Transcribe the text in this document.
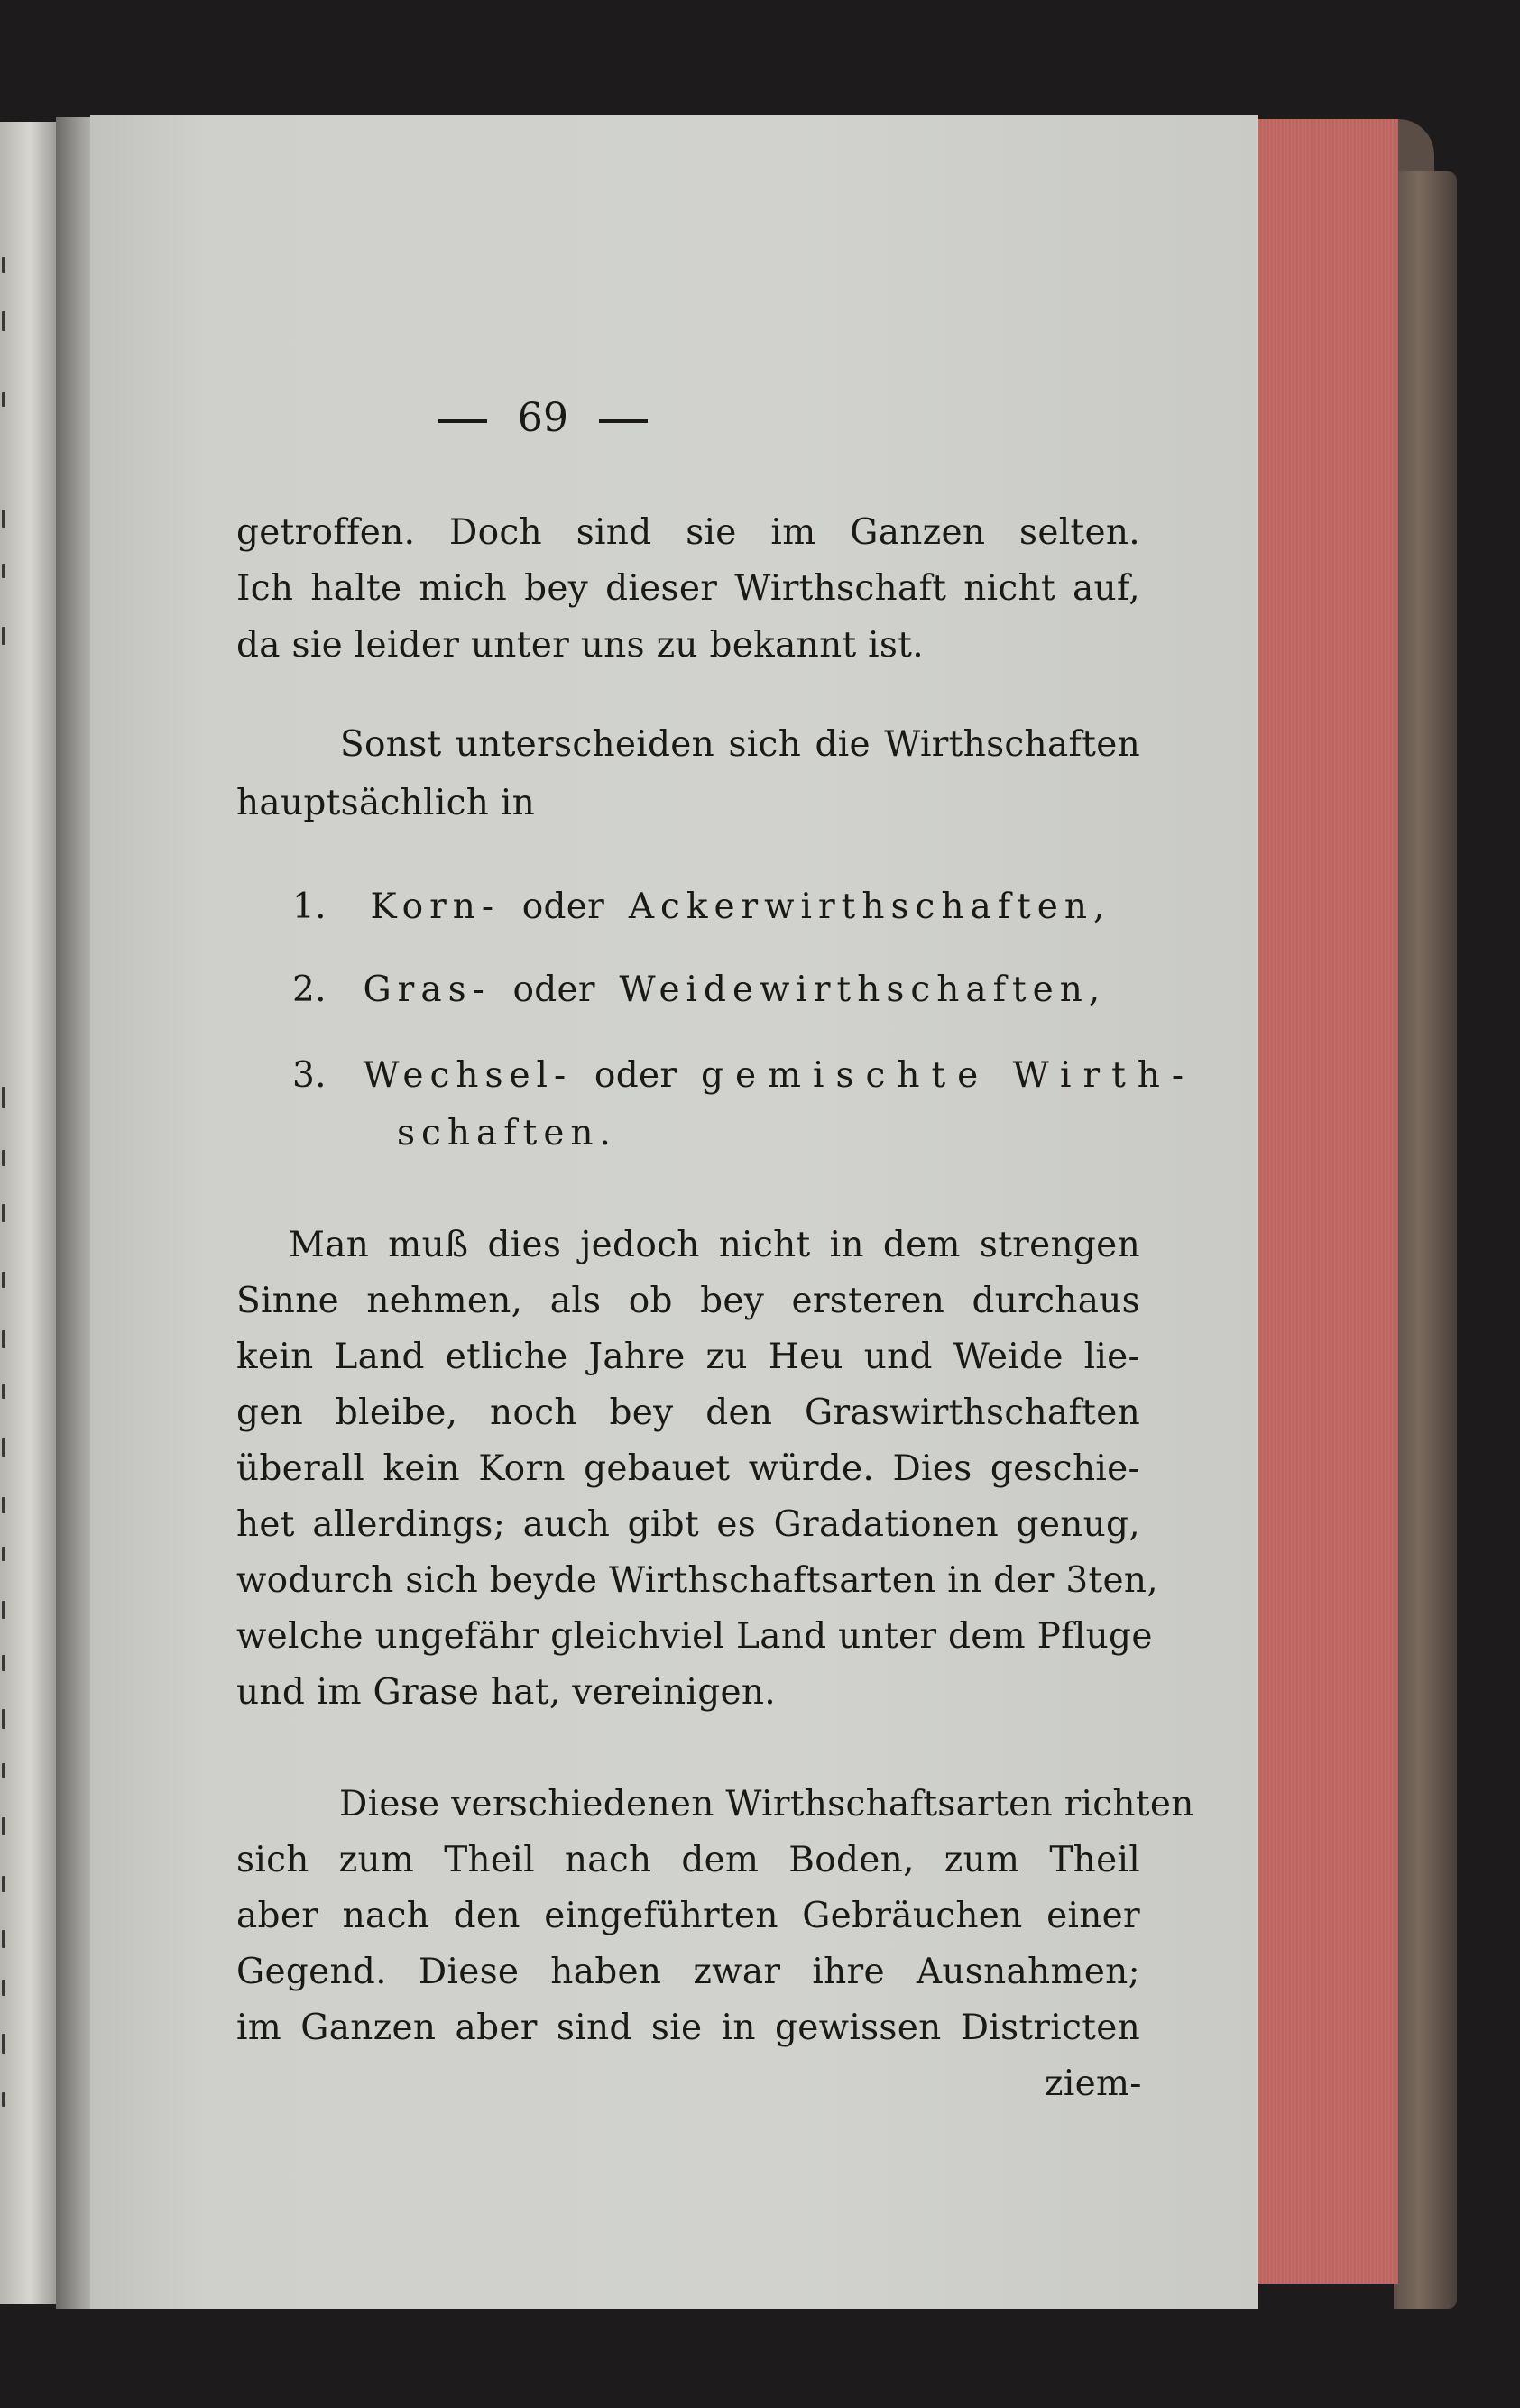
69
getroffen. Doch sind sie im Ganzen selten.
Ich halte mich bey dieser Wirthschaft nicht auf,
da sie leider unter uns zu bekannt ist.
Sonst unterscheiden sich die Wirthschaften
hauptsächlich in
1. Korn- oder Ackerwirthschaften,
2. Gras- oder Weidewirthschaften,
3. Wechsel- oder gemischte Wirth-
schaften.
Man muß dies jedoch nicht in dem strengen
Sinne nehmen, als ob bey ersteren durchaus
kein Land etliche Jahre zu Heu und Weide lie-
gen bleibe, noch bey den Graswirthschaften
überall kein Korn gebauet würde. Dies geschie-
het allerdings; auch gibt es Gradationen genug,
wodurch sich beyde Wirthschaftsarten in der 3ten,
welche ungefähr gleichviel Land unter dem Pfluge
und im Grase hat, vereinigen.
Diese verschiedenen Wirthschaftsarten richten
sich zum Theil nach dem Boden, zum Theil
aber nach den eingeführten Gebräuchen einer
Gegend. Diese haben zwar ihre Ausnahmen;
im Ganzen aber sind sie in gewissen Districten
ziem-
